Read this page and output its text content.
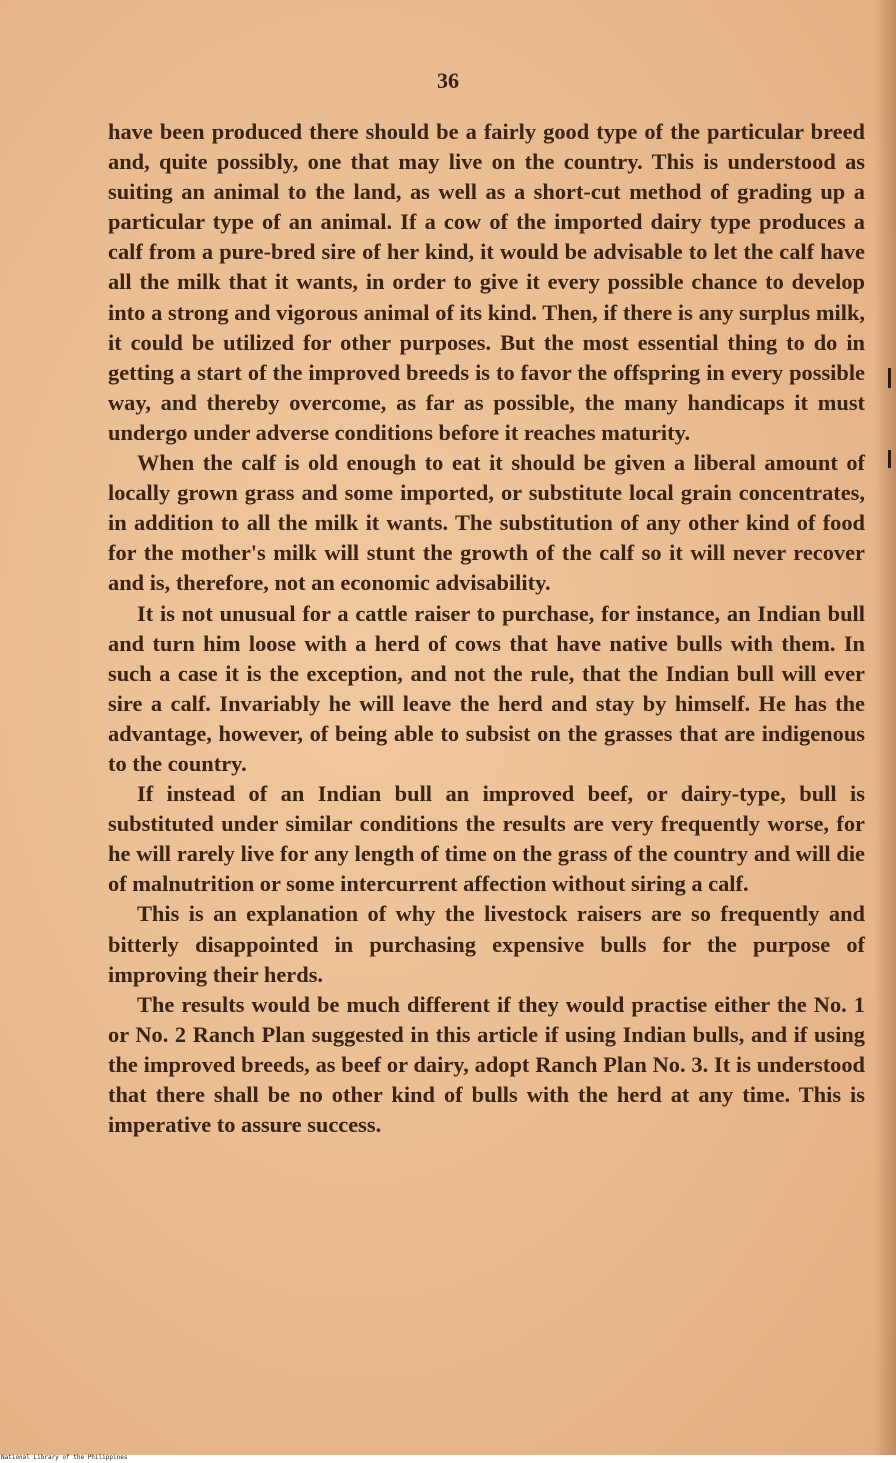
36

have been produced there should be a fairly good type of the particular breed and, quite possibly, one that may live on the country. This is understood as suiting an animal to the land, as well as a short-cut method of grading up a particular type of an animal. If a cow of the imported dairy type produces a calf from a pure-bred sire of her kind, it would be advisable to let the calf have all the milk that it wants, in order to give it every possible chance to develop into a strong and vigorous animal of its kind. Then, if there is any surplus milk, it could be utilized for other purposes. But the most essential thing to do in getting a start of the improved breeds is to favor the offspring in every possible way, and thereby overcome, as far as possible, the many handicaps it must undergo under adverse conditions before it reaches maturity.

When the calf is old enough to eat it should be given a liberal amount of locally grown grass and some imported, or substitute local grain concentrates, in addition to all the milk it wants. The substitution of any other kind of food for the mother's milk will stunt the growth of the calf so it will never recover and is, therefore, not an economic advisability.

It is not unusual for a cattle raiser to purchase, for instance, an Indian bull and turn him loose with a herd of cows that have native bulls with them. In such a case it is the exception, and not the rule, that the Indian bull will ever sire a calf. Invariably he will leave the herd and stay by himself. He has the advantage, however, of being able to subsist on the grasses that are indigenous to the country.

If instead of an Indian bull an improved beef, or dairy-type, bull is substituted under similar conditions the results are very frequently worse, for he will rarely live for any length of time on the grass of the country and will die of malnutrition or some intercurrent affection without siring a calf.

This is an explanation of why the livestock raisers are so frequently and bitterly disappointed in purchasing expensive bulls for the purpose of improving their herds.

The results would be much different if they would practise either the No. 1 or No. 2 Ranch Plan suggested in this article if using Indian bulls, and if using the improved breeds, as beef or dairy, adopt Ranch Plan No. 3. It is understood that there shall be no other kind of bulls with the herd at any time. This is imperative to assure success.

National Library of the Philippines
